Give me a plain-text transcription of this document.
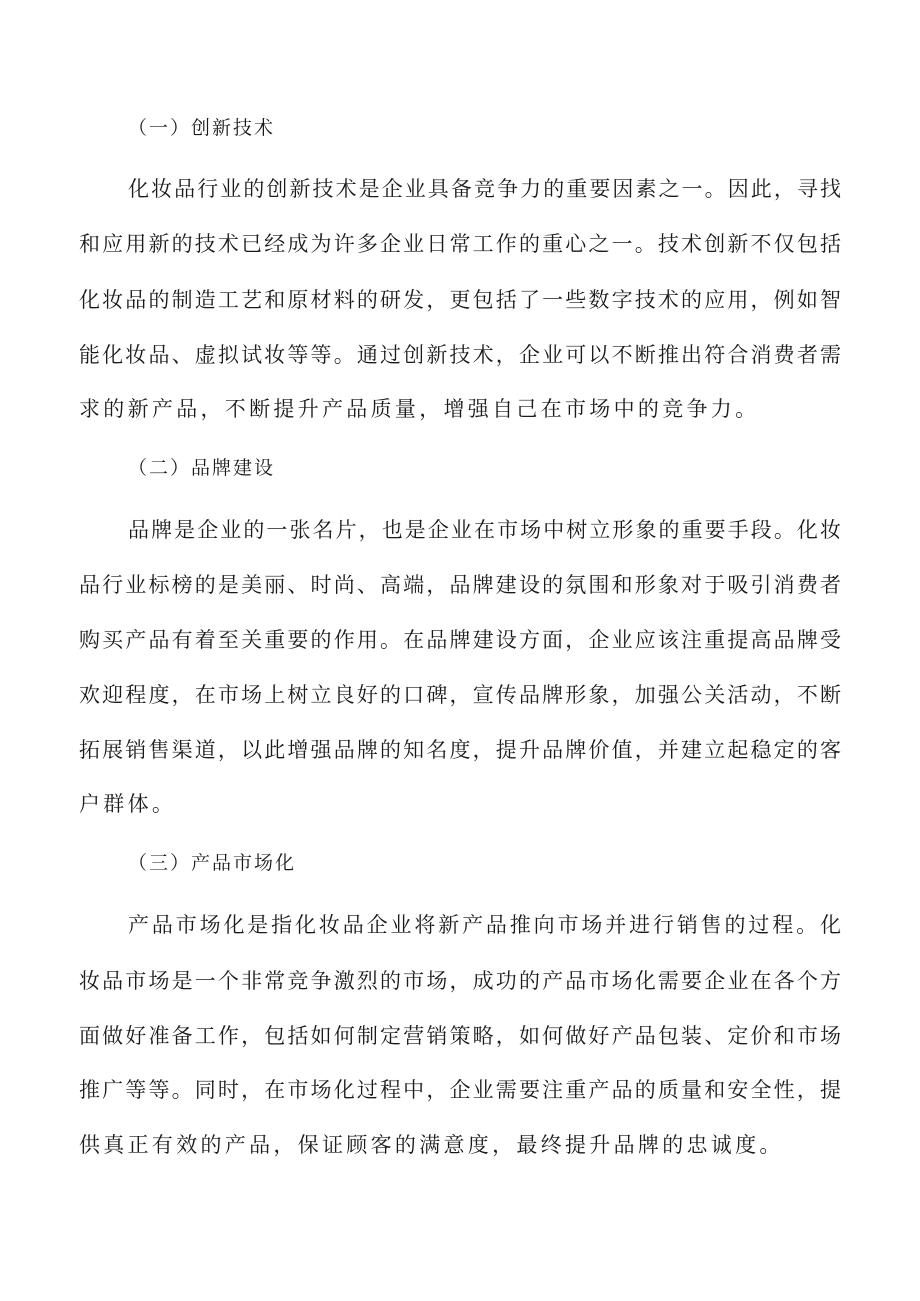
（一）创新技术
化妆品行业的创新技术是企业具备竞争力的重要因素之一。因此，寻找
和应用新的技术已经成为许多企业日常工作的重心之一。技术创新不仅包括
化妆品的制造工艺和原材料的研发，更包括了一些数字技术的应用，例如智
能化妆品、虚拟试妆等等。通过创新技术，企业可以不断推出符合消费者需
求的新产品，不断提升产品质量，增强自己在市场中的竞争力。
（二）品牌建设
品牌是企业的一张名片，也是企业在市场中树立形象的重要手段。化妆
品行业标榜的是美丽、时尚、高端，品牌建设的氛围和形象对于吸引消费者
购买产品有着至关重要的作用。在品牌建设方面，企业应该注重提高品牌受
欢迎程度，在市场上树立良好的口碑，宣传品牌形象，加强公关活动，不断
拓展销售渠道，以此增强品牌的知名度，提升品牌价值，并建立起稳定的客
户群体。
（三）产品市场化
产品市场化是指化妆品企业将新产品推向市场并进行销售的过程。化
妆品市场是一个非常竞争激烈的市场，成功的产品市场化需要企业在各个方
面做好准备工作，包括如何制定营销策略，如何做好产品包装、定价和市场
推广等等。同时，在市场化过程中，企业需要注重产品的质量和安全性，提
供真正有效的产品，保证顾客的满意度，最终提升品牌的忠诚度。
